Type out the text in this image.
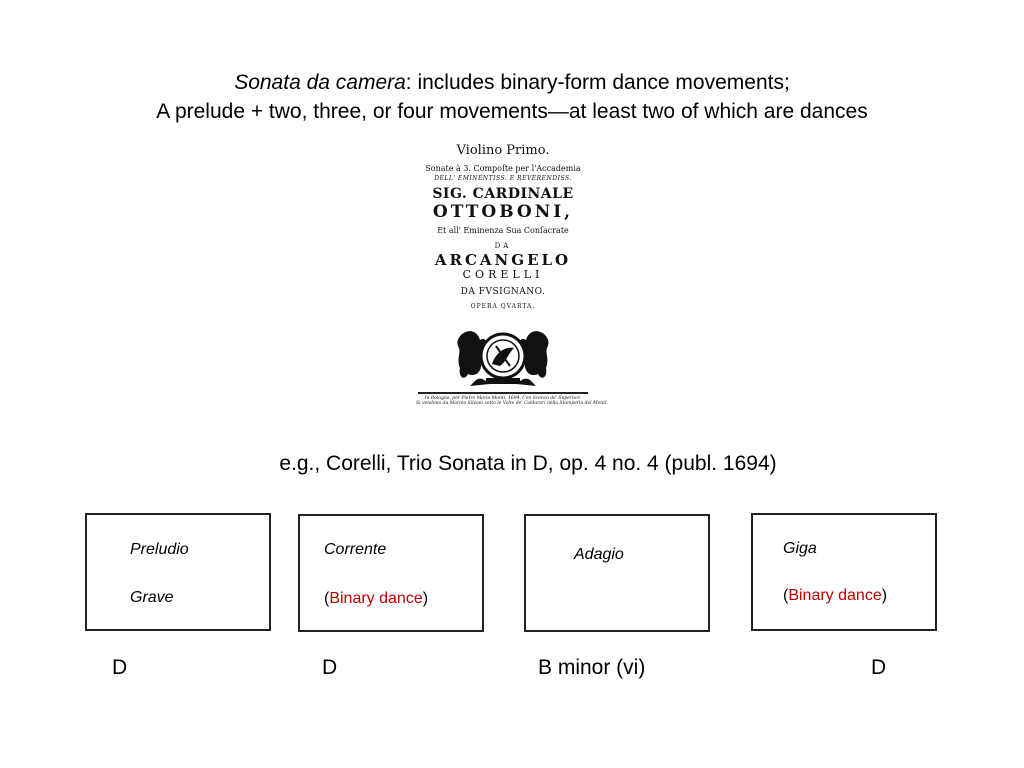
Sonata da camera: includes binary-form dance movements;
A prelude + two, three, or four movements—at least two of which are dances
Violino Primo.
Sonate à 3. Compoſte per l'Accademia
DELL' EMINENTISS. E REVERENDISS.
SIG. CARDINALE
OTTOBONI,
Et all' Eminenza Sua Conſacrate
DA
ARCANGELO
CORELLI
DA FVSIGNANO.
OPERA QVARTA.
In Bologna, per Pietro Maria Monti. 1694. Con licenza de' Superiori.
Si vendono da Marino Silvani sotto le Volte de' Caldarari nella Stamperia del Monti.
e.g., Corelli, Trio Sonata in D, op. 4 no. 4 (publ. 1694)
Preludio
Grave
Corrente
(Binary dance)
Adagio	Giga
(Binary dance)
D	D	B minor (vi)	D
